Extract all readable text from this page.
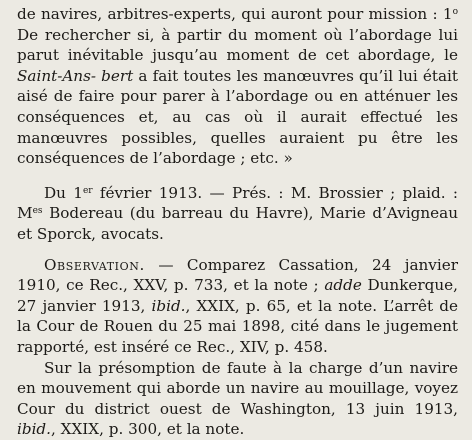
de navires, arbitres-experts, qui auront pour mission : 1$^o$ De rechercher si, à partir du moment où l’abordage lui parut inévitable jusqu’au moment de cet abordage, le Saint-Ans- bert a fait toutes les manœuvres qu’il lui était aisé de faire pour parer à l’abordage ou en atténuer les conséquences et, au cas où il aurait effectué les manœuvres possibles, quelles auraient pu être les conséquences de l’abordage ; etc. »
Du 1er février 1913. — Prés. : M. Brossier ; plaid. : $M^{es}$ Bodereau (du barreau du Havre), Marie d’Avigneau et Sporck, avocats.
Observation. — Comparez Cassation, 24 janvier 1910, ce Rec., XXV, p. 733, et la note ; adde Dunkerque, 27 janvier 1913, ibid., XXIX, p. 65, et la note. L’arrêt de la Cour de Rouen du 25 mai 1898, cité dans le jugement rapporté, est inséré ce Rec., XIV, p. 458.
Sur la présomption de faute à la charge d’un navire en mouvement qui aborde un navire au mouillage, voyez Cour du district ouest de Washington, 13 juin 1913, ibid., XXIX, p. 300, et la note.
